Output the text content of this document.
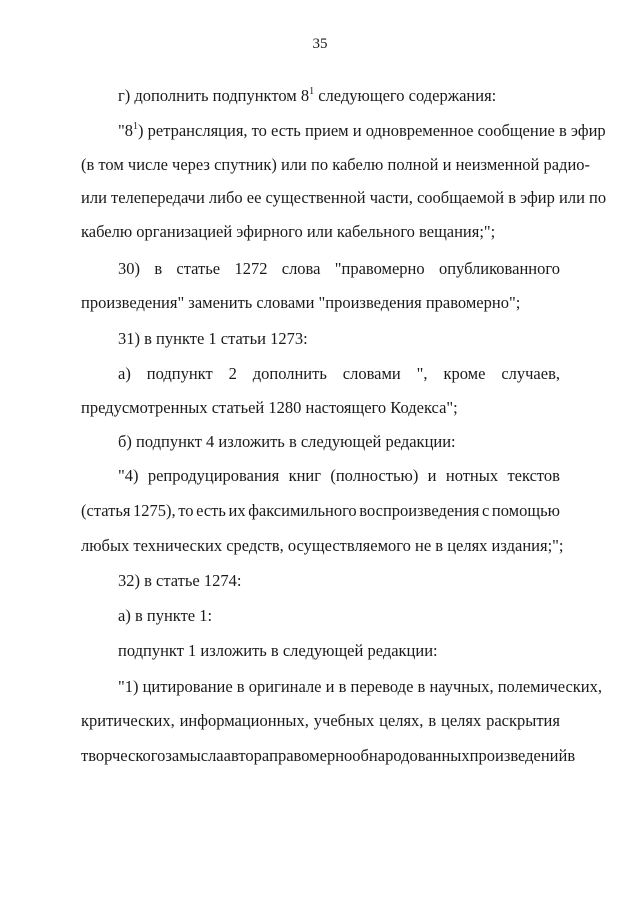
35
г) дополнить подпунктом $8^1$ следующего содержания:
"$8^1$) ретрансляция, то есть прием и одновременное сообщение в эфир
(в том числе через спутник) или по кабелю полной и неизменной радио-
или телепередачи либо ее существенной части, сообщаемой в эфир или по
кабелю организацией эфирного или кабельного вещания;";
30) в статье 1272 слова "правомерно опубликованного
произведения" заменить словами "произведения правомерно";
31) в пункте 1 статьи 1273:
а) подпункт 2 дополнить словами ", кроме случаев,
предусмотренных статьей 1280 настоящего Кодекса";
б) подпункт 4 изложить в следующей редакции:
"4) репродуцирования книг (полностью) и нотных текстов
(статья 1275), то есть их факсимильного воспроизведения с помощью
любых технических средств, осуществляемого не в целях издания;";
32) в статье 1274:
а) в пункте 1:
подпункт 1 изложить в следующей редакции:
"1) цитирование в оригинале и в переводе в научных, полемических,
критических, информационных, учебных целях, в целях раскрытия
творческого замысла автора правомерно обнародованных произведений в
